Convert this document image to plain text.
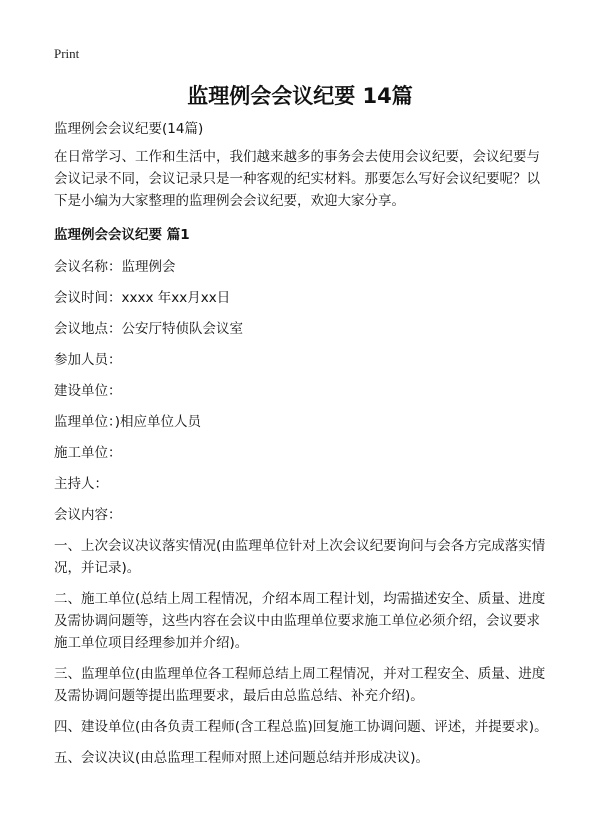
Print
监理例会会议纪要 14篇

监理例会会议纪要(14篇)

在日常学习、工作和生活中，我们越来越多的事务会去使用会议纪要，会议纪要与会议记录不同，会议记录只是一种客观的纪实材料。那要怎么写好会议纪要呢？以下是小编为大家整理的监理例会会议纪要，欢迎大家分享。

监理例会会议纪要 篇1

会议名称：监理例会

会议时间：xxxx 年xx月xx日

会议地点：公安厅特侦队会议室

参加人员：

建设单位：

监理单位：)相应单位人员

施工单位：

主持人：

会议内容：

一、上次会议决议落实情况(由监理单位针对上次会议纪要询问与会各方完成落实情况，并记录)。

二、施工单位(总结上周工程情况，介绍本周工程计划，均需描述安全、质量、进度及需协调问题等，这些内容在会议中由监理单位要求施工单位必须介绍，会议要求施工单位项目经理参加并介绍)。

三、监理单位(由监理单位各工程师总结上周工程情况，并对工程安全、质量、进度及需协调问题等提出监理要求，最后由总监总结、补充介绍)。

四、建设单位(由各负责工程师(含工程总监)回复施工协调问题、评述，并提要求)。

五、会议决议(由总监理工程师对照上述问题总结并形成决议)。
